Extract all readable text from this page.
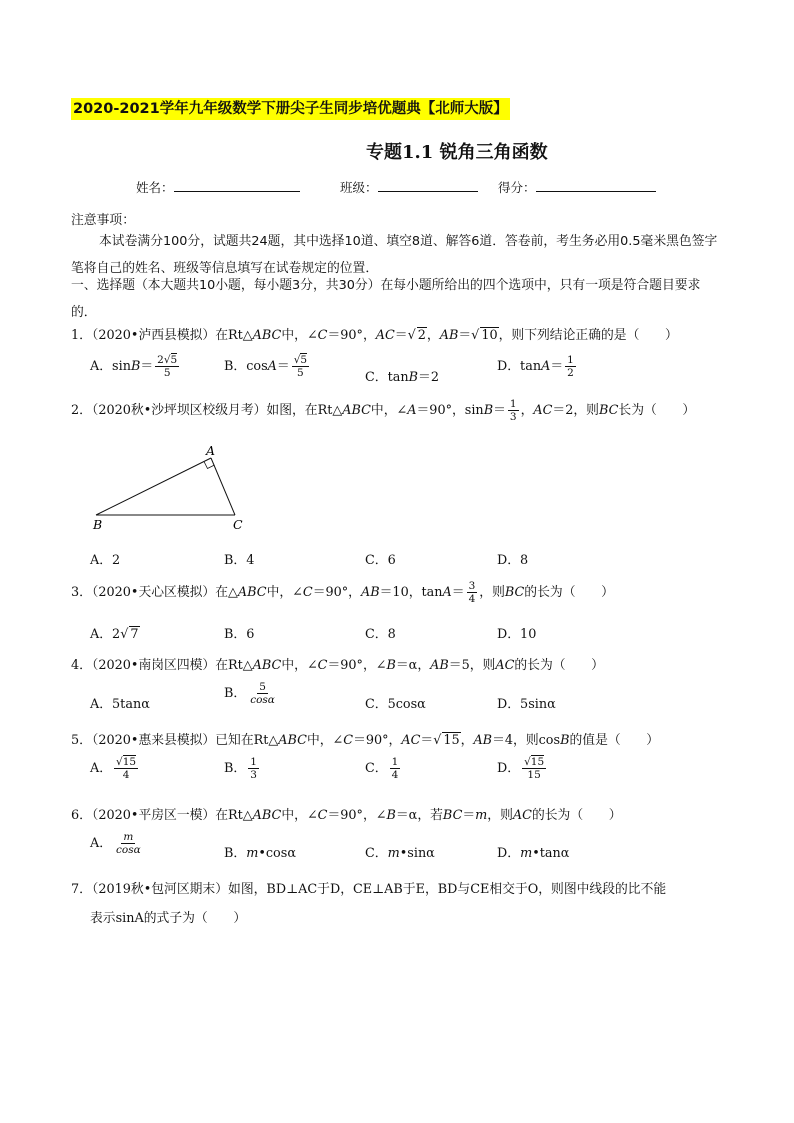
2020-2021学年九年级数学下册尖子生同步培优题典【北师大版】
专题1.1 锐角三角函数
姓名：	班级：	得分：
注意事项：
本试卷满分100分，试题共24题，其中选择10道、填空8道、解答6道．答卷前，考生务必用0.5毫米黑色签字笔将自己的姓名、班级等信息填写在试卷规定的位置．
一、选择题（本大题共10小题，每小题3分，共30分）在每小题所给出的四个选项中，只有一项是符合题目要求的．
1．（2020•泸西县模拟）在Rt△ABC中，∠C＝90°，AC＝√ 2，AB＝√ 10，则下列结论正确的是（　　）
A．$\sin B= \frac{2√5}{5}$	B．$\cos A= \frac{√5}{5}$	C．tanB＝2
D．$\tan A= \frac{1}{2}$
2．（2020秋•沙坪坝区校级月考）如图，在Rt△ABC中，∠A＝90°，$\sin B= \frac{1}{3}$ ，AC＝2，则BC长为（　　）
A
B	C
A．2	B．4	C．6	D．8
3．（2020•天心区模拟）在△ABC中，∠C＝90°，AB＝10，$\tan A= \frac{3}{4}$ ，则BC的长为（　　）
A．2√ 7	B．6	C．8	D．10
4．（2020•南岗区四模）在Rt△ABC中，∠C＝90°，∠B＝α，AB＝5，则AC的长为（　　）
A．5tanα
B． $\frac{5}{\cos\alpha}$	C．5cosα	D．5sinα
5．（2020•惠来县模拟）已知在Rt△ABC中，∠C＝90°，AC＝√ 15，AB＝4，则cosB的值是（　　）
A． $\frac{√15}{4}$	B． $\frac{1}{3}$	C． $\frac{1}{4}$	D． $\frac{√15}{15}$
6．（2020•平房区一模）在Rt△ABC中，∠C＝90°，∠B＝α，若BC＝m，则AC的长为（　　）
A． $\frac{m}{\cos\alpha}$	B．m•cosα	C．m•sinα	D．m•tanα
7．（2019秋•包河区期末）如图，BD⊥AC于D，CE⊥AB于E，BD与CE相交于O，则图中线段的比不能
表示sinA的式子为（　　）
